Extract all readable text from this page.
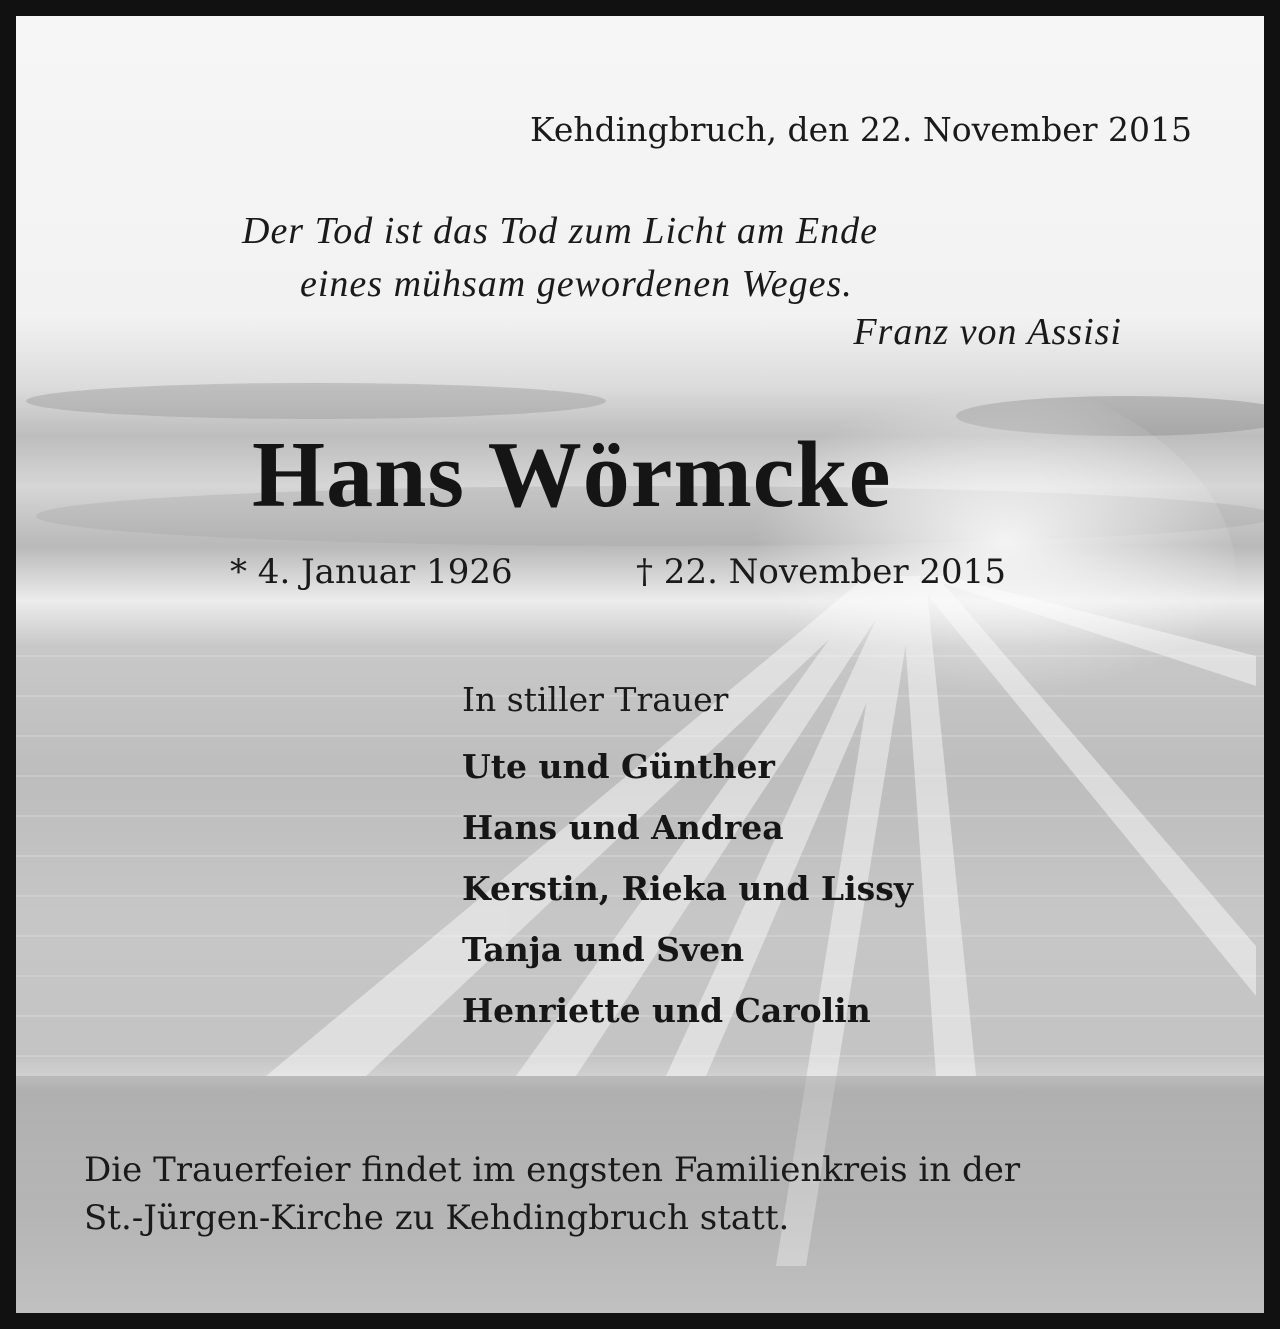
Kehdingbruch, den 22. November 2015
Der Tod ist das Tod zum Licht am Ende
eines mühsam gewordenen Weges.
Franz von Assisi
Hans Wörmcke
* 4. Januar 1926	† 22. November 2015
In stiller Trauer
Ute und Günther
Hans und Andrea
Kerstin, Rieka und Lissy
Tanja und Sven
Henriette und Carolin

Die Trauerfeier findet im engsten Familienkreis in der
St.-Jürgen-Kirche zu Kehdingbruch statt.
